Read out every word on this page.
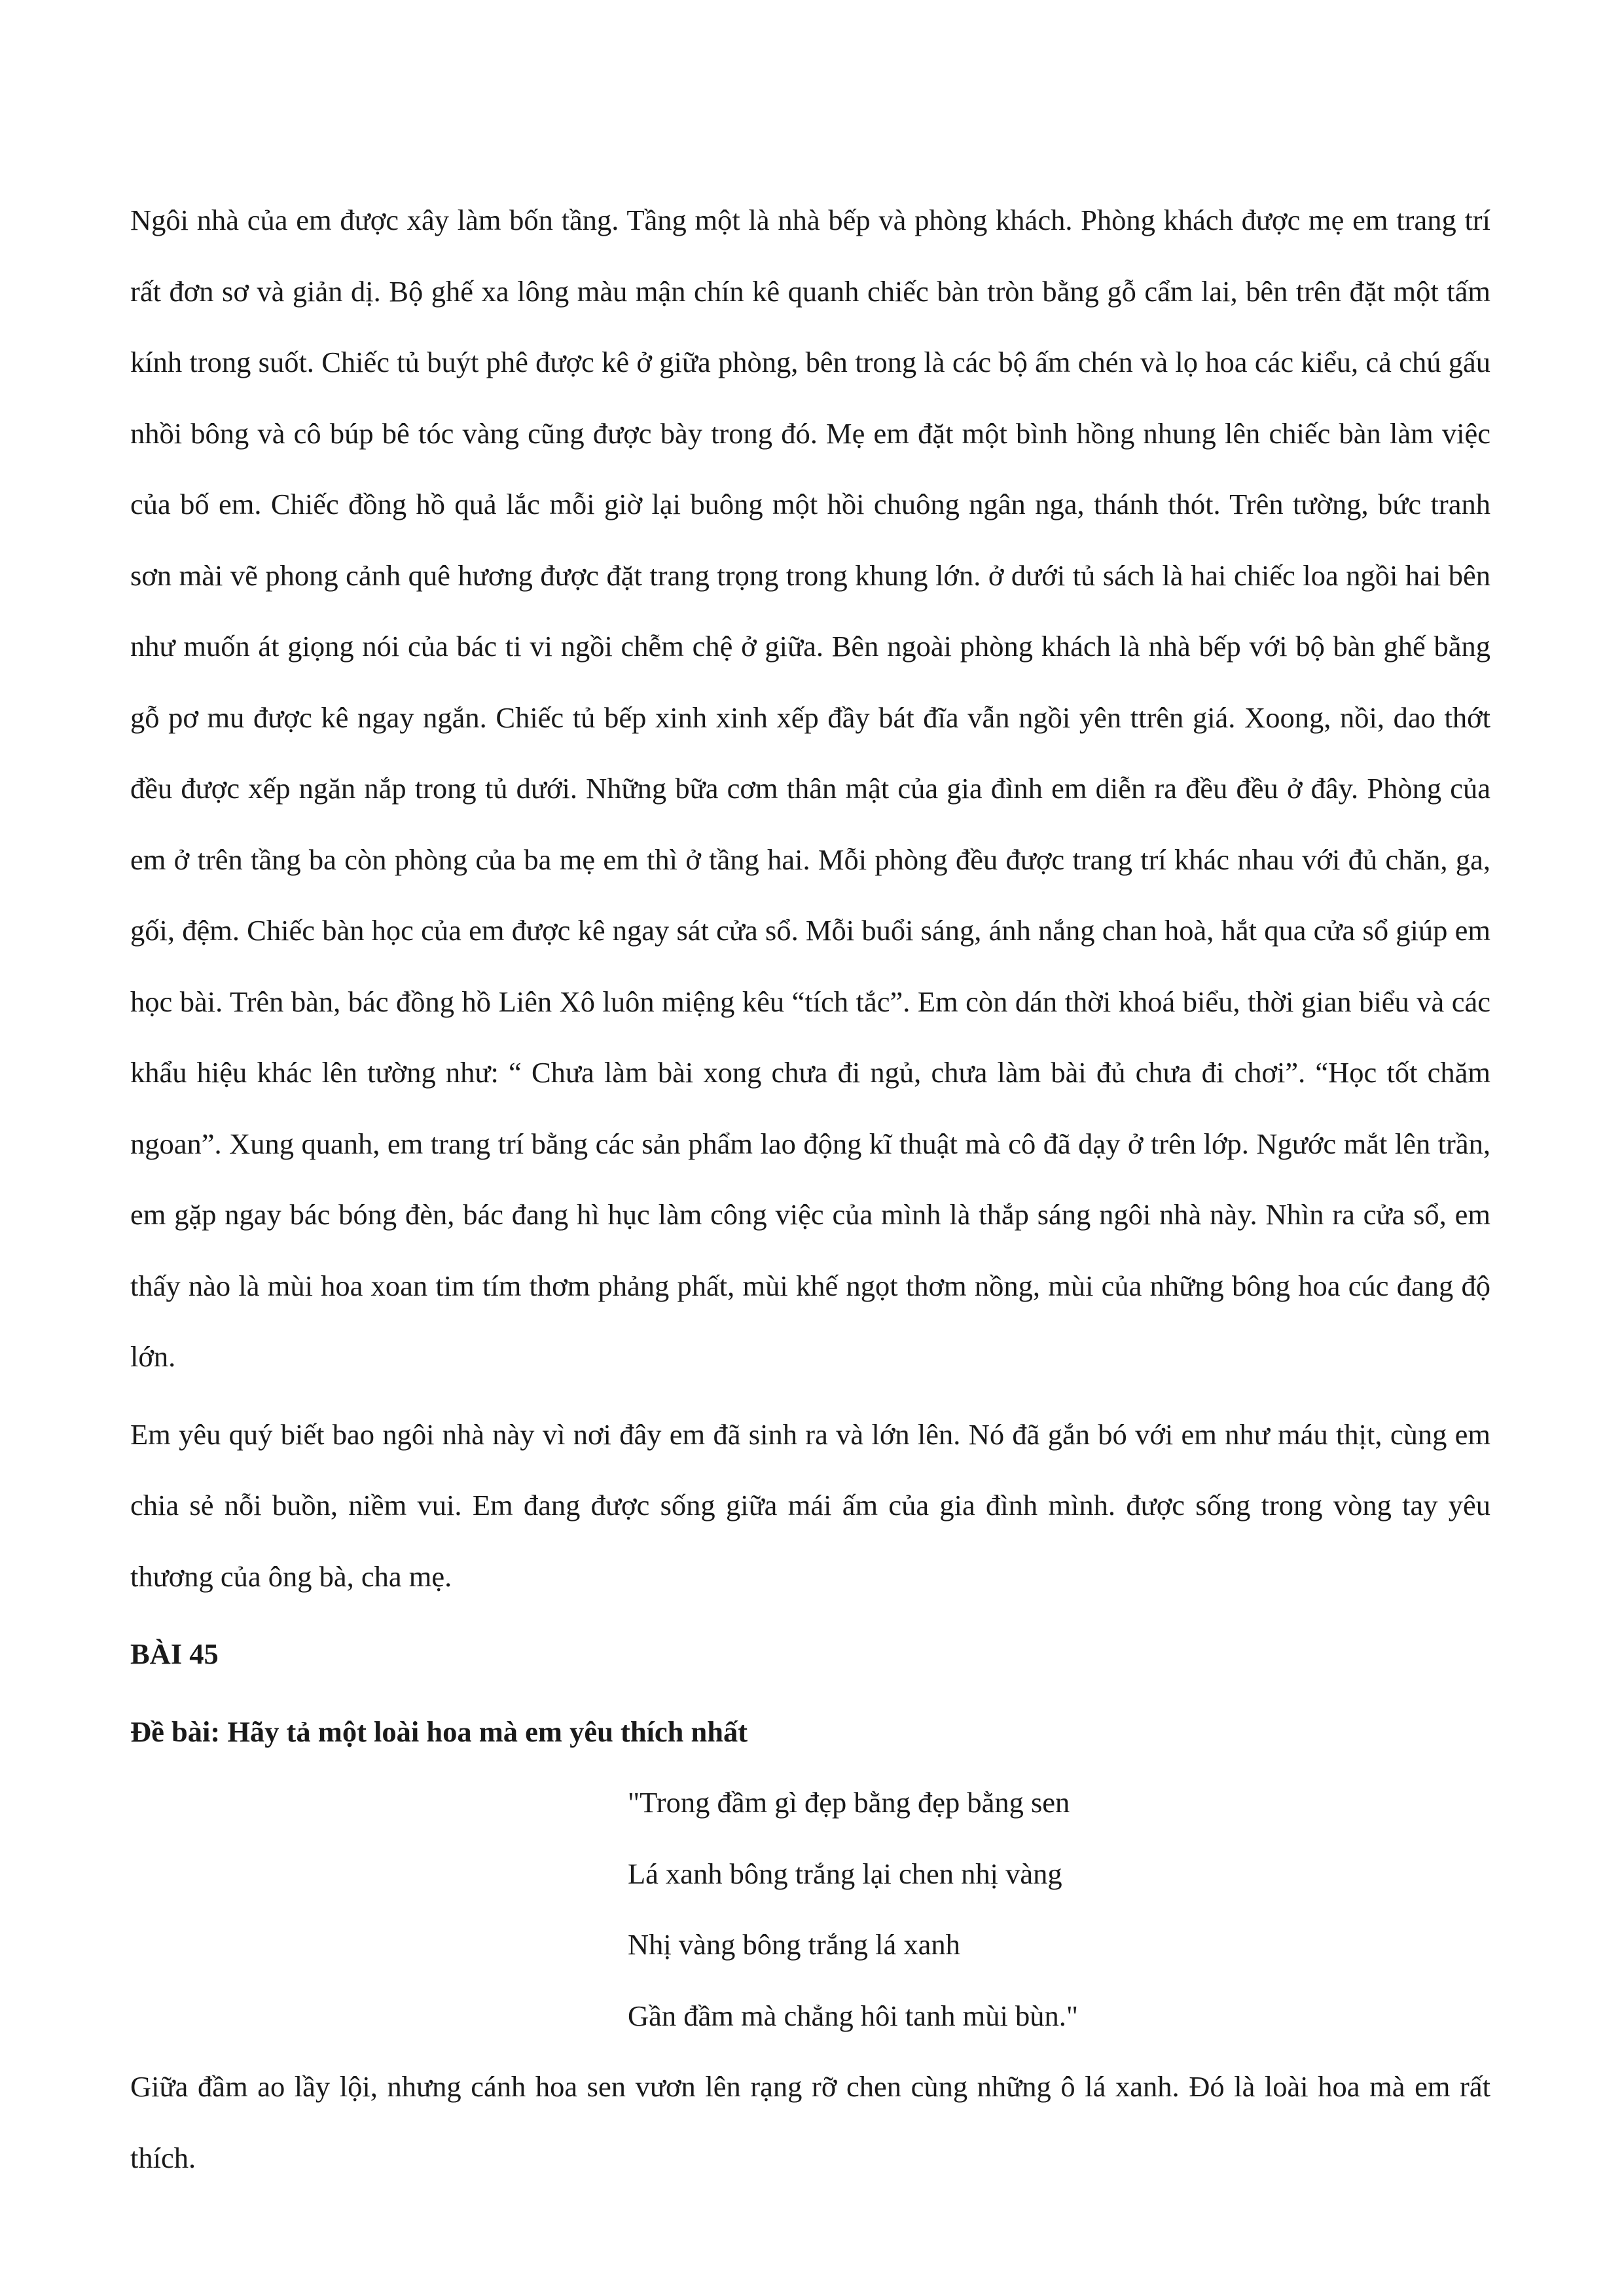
Ngôi nhà của em được xây làm bốn tầng. Tầng một là nhà bếp và phòng khách. Phòng khách được mẹ em trang trí rất đơn sơ và giản dị. Bộ ghế xa lông màu mận chín kê quanh chiếc bàn tròn bằng gỗ cẩm lai, bên trên đặt một tấm kính trong suốt. Chiếc tủ buýt phê được kê ở giữa phòng, bên trong là các bộ ấm chén và lọ hoa các kiểu, cả chú gấu nhồi bông và cô búp bê tóc vàng cũng được bày trong đó. Mẹ em đặt một bình hồng nhung lên chiếc bàn làm việc của bố em. Chiếc đồng hồ quả lắc mỗi giờ lại buông một hồi chuông ngân nga, thánh thót. Trên tường, bức tranh sơn mài vẽ phong cảnh quê hương được đặt trang trọng trong khung lớn. ở dưới tủ sách là hai chiếc loa ngồi hai bên như muốn át giọng nói của bác ti vi ngồi chễm chệ ở giữa. Bên ngoài phòng khách là nhà bếp với bộ bàn ghế bằng gỗ pơ mu được kê ngay ngắn. Chiếc tủ bếp xinh xinh xếp đầy bát đĩa vẫn ngồi yên ttrên giá. Xoong, nồi, dao thớt đều được xếp ngăn nắp trong tủ dưới. Những bữa cơm thân mật của gia đình em diễn ra đều đều ở đây. Phòng của em ở trên tầng ba còn phòng của ba mẹ em thì ở tầng hai. Mỗi phòng đều được trang trí khác nhau với đủ chăn, ga, gối, đệm. Chiếc bàn học của em được kê ngay sát cửa sổ. Mỗi buổi sáng, ánh nắng chan hoà, hắt qua cửa sổ giúp em học bài. Trên bàn, bác đồng hồ Liên Xô luôn miệng kêu “tích tắc”. Em còn dán thời khoá biểu, thời gian biểu và các khẩu hiệu khác lên tường như: “ Chưa làm bài xong chưa đi ngủ, chưa làm bài đủ chưa đi chơi”. “Học tốt chăm ngoan”. Xung quanh, em trang trí bằng các sản phẩm lao động kĩ thuật mà cô đã dạy ở trên lớp. Ngước mắt lên trần, em gặp ngay bác bóng đèn, bác đang hì hục làm công việc của mình là thắp sáng ngôi nhà này. Nhìn ra cửa sổ, em thấy nào là mùi hoa xoan tim tím thơm phảng phất, mùi khế ngọt thơm nồng, mùi của những bông hoa cúc đang độ lớn.

Em yêu quý biết bao ngôi nhà này vì nơi đây em đã sinh ra và lớn lên. Nó đã gắn bó với em như máu thịt, cùng em chia sẻ nỗi buồn, niềm vui. Em đang được sống giữa mái ấm của gia đình mình. được sống trong vòng tay yêu thương của ông bà, cha mẹ.

BÀI 45

Đề bài: Hãy tả một loài hoa mà em yêu thích nhất

"Trong đầm gì đẹp bằng đẹp bằng sen
Lá xanh bông trắng lại chen nhị vàng
Nhị vàng bông trắng lá xanh
Gần đầm mà chẳng hôi tanh mùi bùn."

Giữa đầm ao lầy lội, nhưng cánh hoa sen vươn lên rạng rỡ chen cùng những ô lá xanh. Đó là loài hoa mà em rất thích.
